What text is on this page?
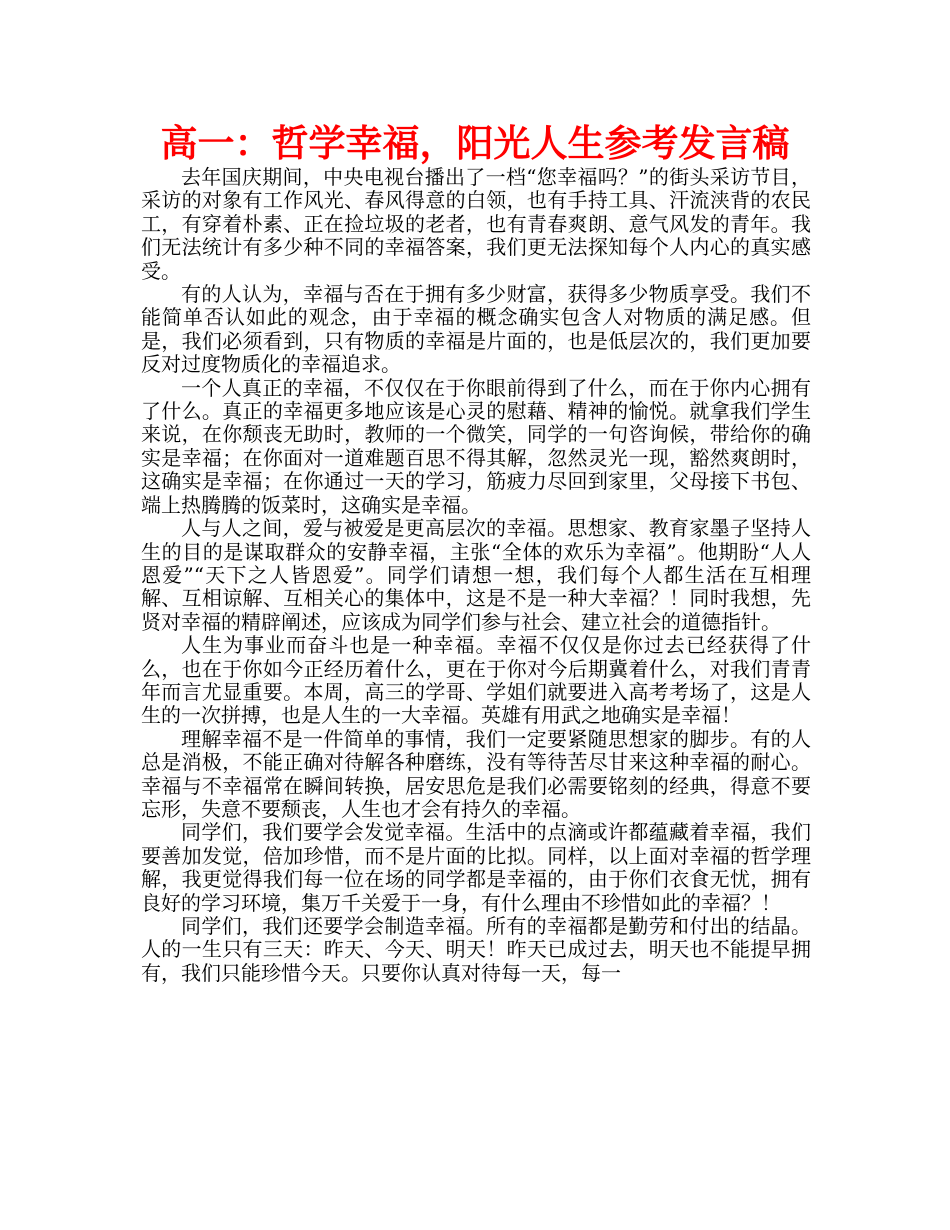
高一：哲学幸福，阳光人生参考发言稿

去年国庆期间，中央电视台播出了一档“您幸福吗？”的街头采访节目，采访的对象有工作风光、春风得意的白领，也有手持工具、汗流浃背的农民工，有穿着朴素、正在捡垃圾的老者，也有青春爽朗、意气风发的青年。我们无法统计有多少种不同的幸福答案，我们更无法探知每个人内心的真实感受。

有的人认为，幸福与否在于拥有多少财富，获得多少物质享受。我们不能简单否认如此的观念，由于幸福的概念确实包含人对物质的满足感。但是，我们必须看到，只有物质的幸福是片面的，也是低层次的，我们更加要反对过度物质化的幸福追求。

一个人真正的幸福，不仅仅在于你眼前得到了什么，而在于你内心拥有了什么。真正的幸福更多地应该是心灵的慰藉、精神的愉悦。就拿我们学生来说，在你颓丧无助时，教师的一个微笑，同学的一句咨询候，带给你的确实是幸福；在你面对一道难题百思不得其解，忽然灵光一现，豁然爽朗时，这确实是幸福；在你通过一天的学习，筋疲力尽回到家里，父母接下书包、端上热腾腾的饭菜时，这确实是幸福。

人与人之间，爱与被爱是更高层次的幸福。思想家、教育家墨子坚持人生的目的是谋取群众的安静幸福，主张“全体的欢乐为幸福”。他期盼“人人恩爱”“天下之人皆恩爱”。同学们请想一想，我们每个人都生活在互相理解、互相谅解、互相关心的集体中，这是不是一种大幸福？！同时我想，先贤对幸福的精辟阐述，应该成为同学们参与社会、建立社会的道德指针。

人生为事业而奋斗也是一种幸福。幸福不仅仅是你过去已经获得了什么，也在于你如今正经历着什么，更在于你对今后期冀着什么，对我们青青年而言尤显重要。本周，高三的学哥、学姐们就要进入高考考场了，这是人生的一次拼搏，也是人生的一大幸福。英雄有用武之地确实是幸福！

理解幸福不是一件简单的事情，我们一定要紧随思想家的脚步。有的人总是消极，不能正确对待解各种磨练，没有等待苦尽甘来这种幸福的耐心。幸福与不幸福常在瞬间转换，居安思危是我们必需要铭刻的经典，得意不要忘形，失意不要颓丧，人生也才会有持久的幸福。

同学们，我们要学会发觉幸福。生活中的点滴或许都蕴藏着幸福，我们要善加发觉，倍加珍惜，而不是片面的比拟。同样，以上面对幸福的哲学理解，我更觉得我们每一位在场的同学都是幸福的，由于你们衣食无忧，拥有良好的学习环境，集万千关爱于一身，有什么理由不珍惜如此的幸福？！

同学们，我们还要学会制造幸福。所有的幸福都是勤劳和付出的结晶。人的一生只有三天：昨天、今天、明天！昨天已成过去，明天也不能提早拥有，我们只能珍惜今天。只要你认真对待每一天，每一
